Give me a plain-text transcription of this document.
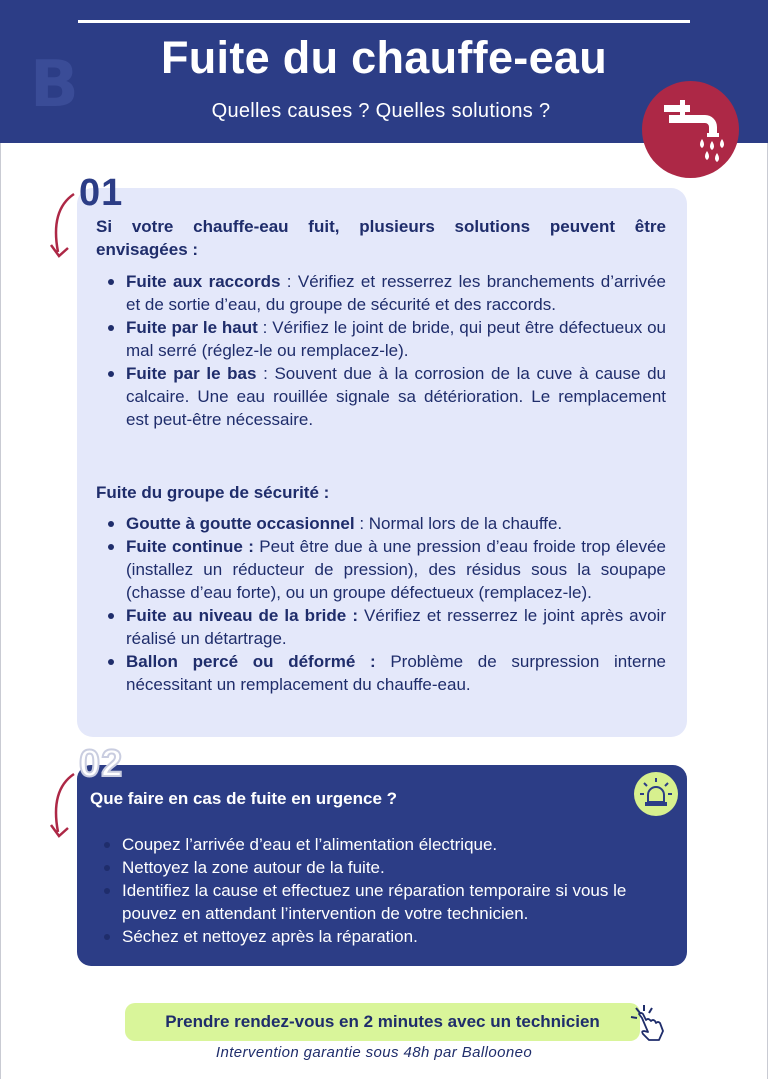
B	Fuite du chauffe-eau
Quelles causes ? Quelles solutions ?
01
Si votre chauffe-eau fuit, plusieurs solutions peuvent être
envisagées :
Fuite aux raccords : Vérifiez et resserrez les branchements d’arrivée et de sortie d’eau, du groupe de sécurité et des raccords.
Fuite par le haut : Vérifiez le joint de bride, qui peut être défectueux ou mal serré (réglez-le ou remplacez-le).
Fuite par le bas : Souvent due à la corrosion de la cuve à cause du calcaire. Une eau rouillée signale sa détérioration. Le remplacement est peut-être nécessaire.
Fuite du groupe de sécurité :
Goutte à goutte occasionnel : Normal lors de la chauffe.
Fuite continue : Peut être due à une pression d’eau froide trop élevée (installez un réducteur de pression), des résidus sous la soupape (chasse d’eau forte), ou un groupe défectueux (remplacez-le).
Fuite au niveau de la bride : Vérifiez et resserrez le joint après avoir réalisé un détartrage.
Ballon percé ou déformé : Problème de surpression interne nécessitant un remplacement du chauffe-eau.
02
Que faire en cas de fuite en urgence ?
Coupez l’arrivée d’eau et l’alimentation électrique.
Nettoyez la zone autour de la fuite.
Identifiez la cause et effectuez une réparation temporaire si vous le pouvez en attendant l’intervention de votre technicien.
Séchez et nettoyez après la réparation.
Prendre rendez-vous en 2 minutes avec un technicien
Intervention garantie sous 48h par Ballooneo
